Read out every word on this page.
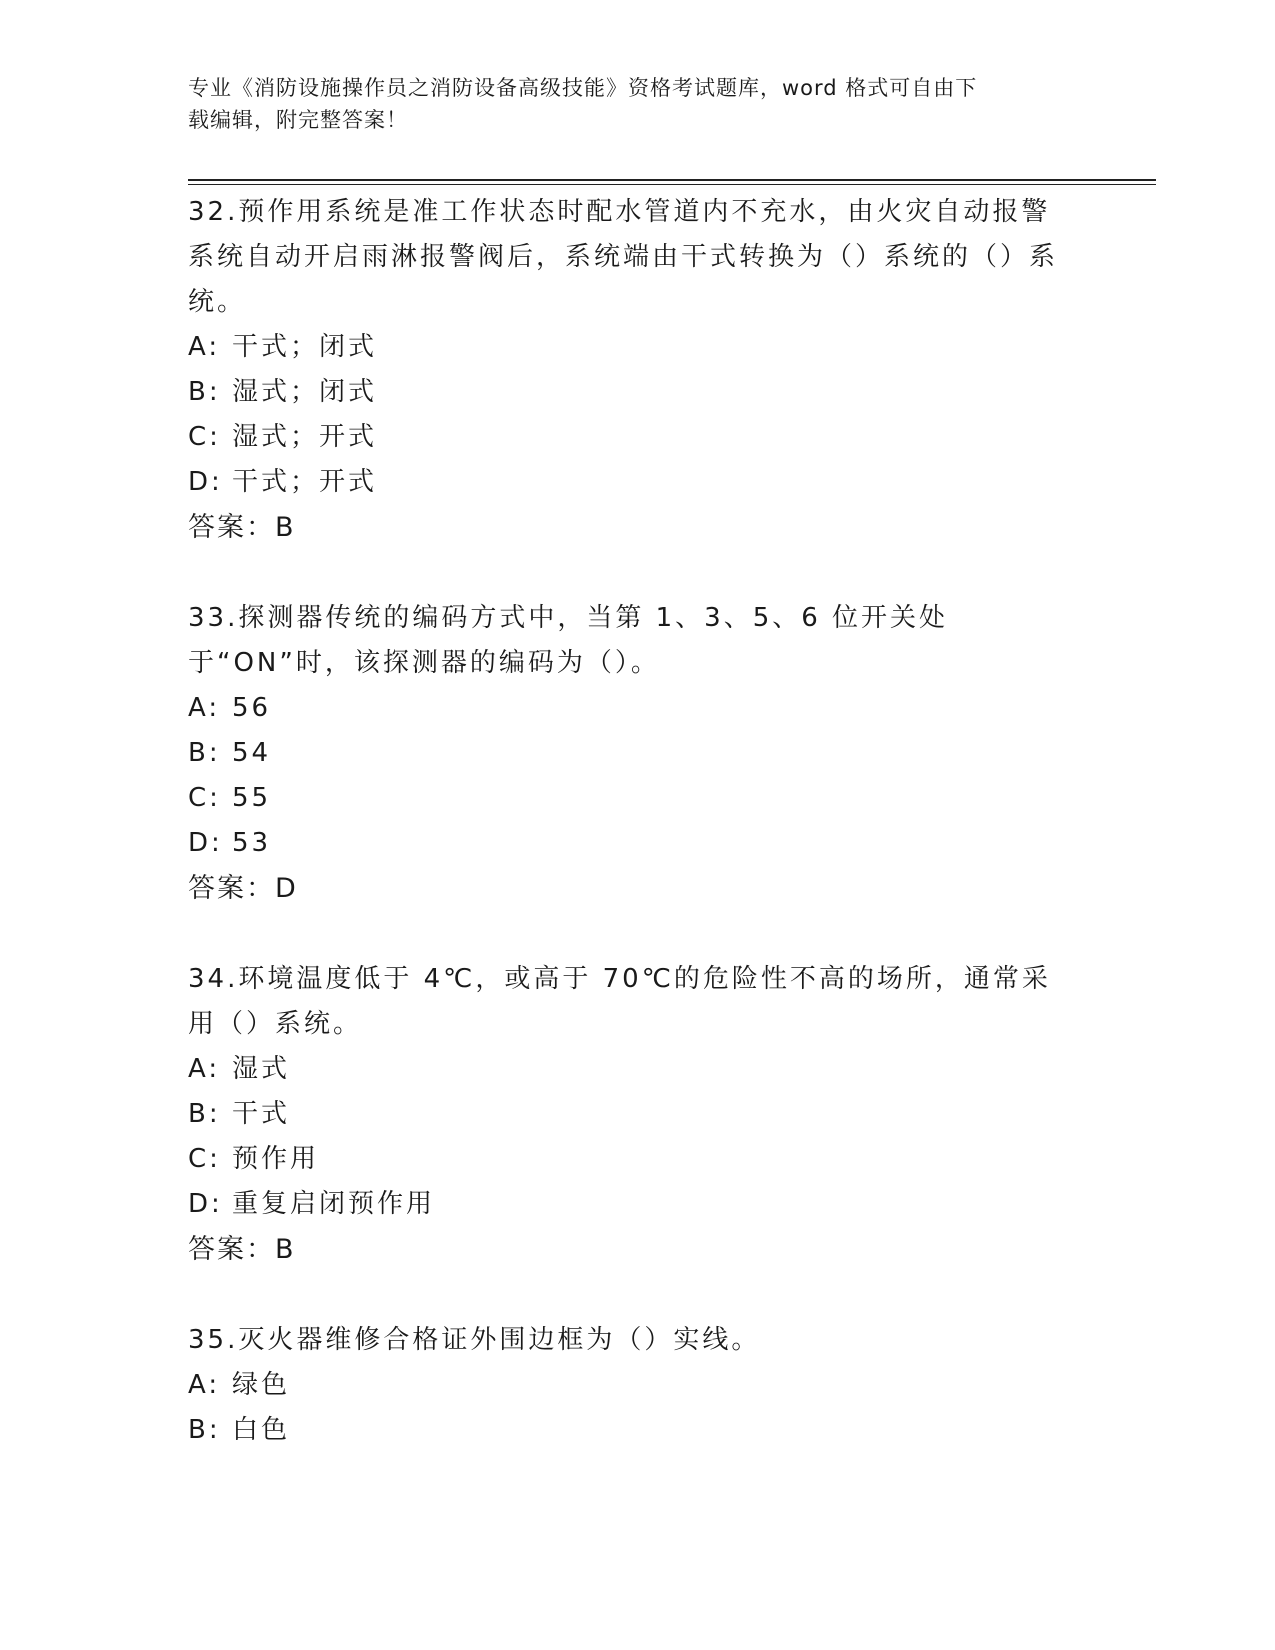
专业《消防设施操作员之消防设备高级技能》资格考试题库，word 格式可自由下
载编辑，附完整答案！

32.预作用系统是准工作状态时配水管道内不充水，由火灾自动报警系统自动开启雨淋报警阀后，系统端由干式转换为（）系统的（）系统。

A: 干式；闭式
B: 湿式；闭式
C: 湿式；开式
D: 干式；开式
答案：B

33.探测器传统的编码方式中，当第 1、3、5、6 位开关处于“ON”时，该探测器的编码为（）。

A: 56
B: 54
C: 55
D: 53
答案：D

34.环境温度低于 4℃，或高于 70℃的危险性不高的场所，通常采用（）系统。

A: 湿式
B: 干式
C: 预作用
D: 重复启闭预作用
答案：B

35.灭火器维修合格证外围边框为（）实线。

A: 绿色
B: 白色
